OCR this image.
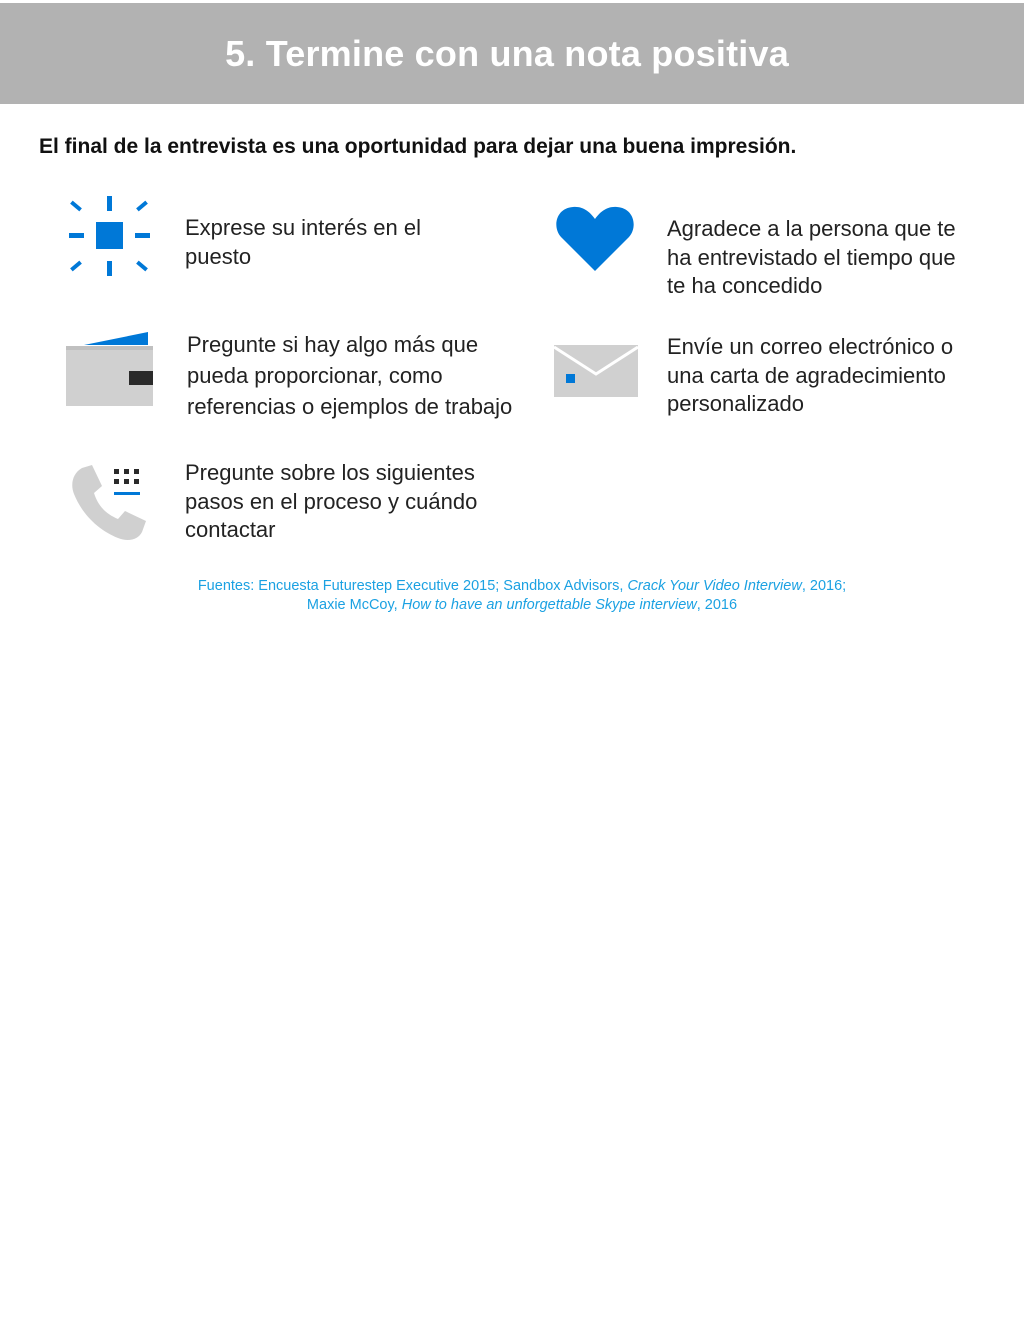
5. Termine con una nota positiva
El final de la entrevista es una oportunidad para dejar una buena impresión.
Exprese su interés en el
puesto
Agradece a la persona que te
ha entrevistado el tiempo que
te ha concedido
Pregunte si hay algo más que
pueda proporcionar, como
referencias o ejemplos de trabajo
Envíe un correo electrónico o
una carta de agradecimiento
personalizado
Pregunte sobre los siguientes
pasos en el proceso y cuándo
contactar
Fuentes: Encuesta Futurestep Executive 2015; Sandbox Advisors, Crack Your Video Interview, 2016;
Maxie McCoy, How to have an unforgettable Skype interview, 2016
